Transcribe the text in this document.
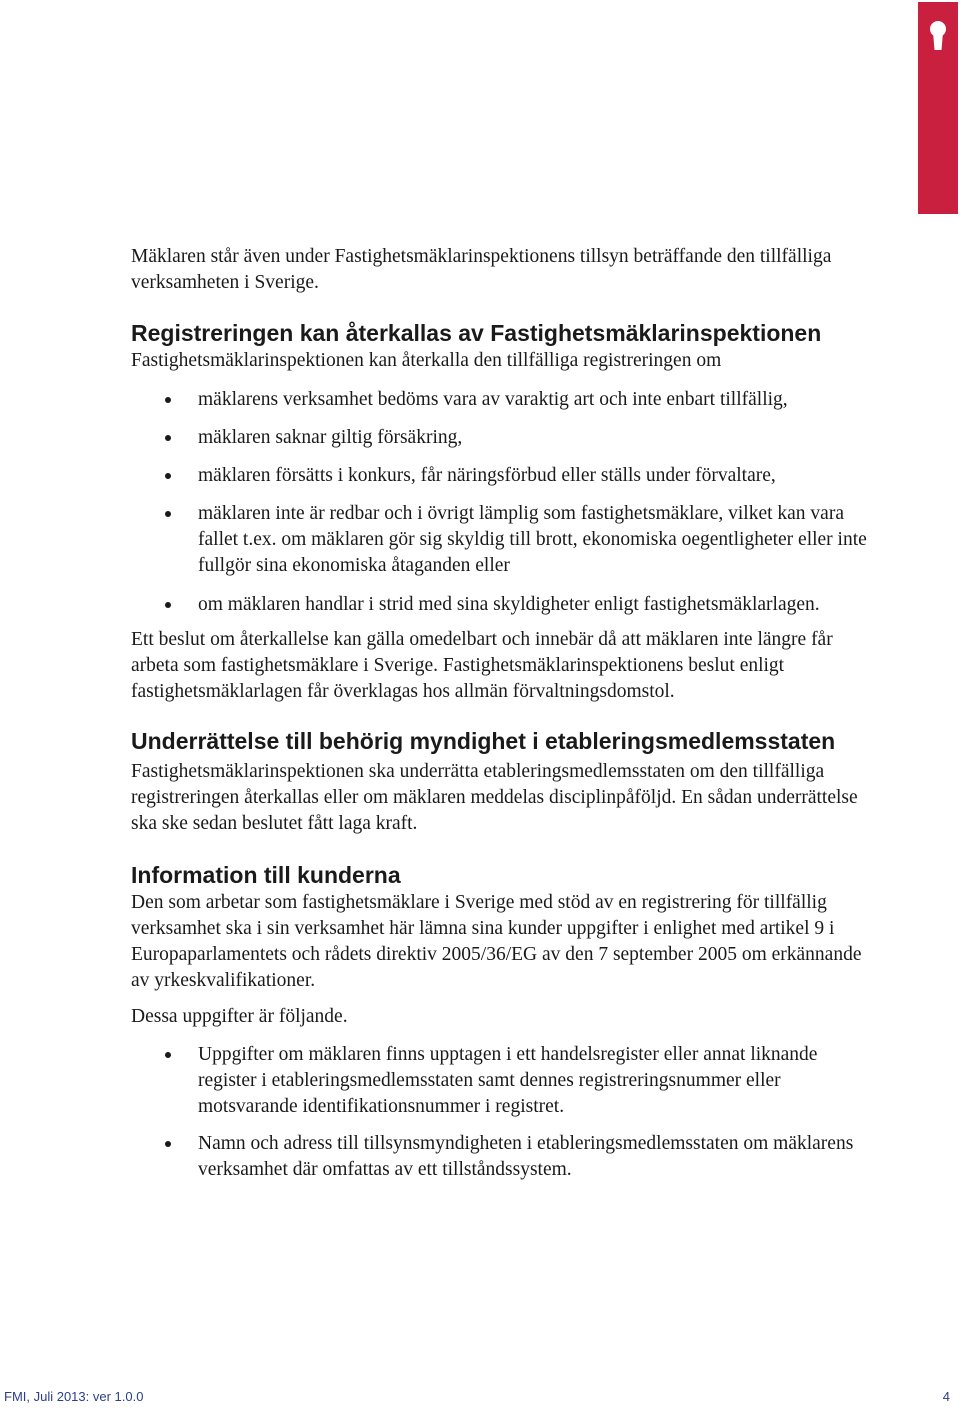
Mäklaren står även under Fastighetsmäklarinspektionens tillsyn beträffande den tillfälliga verksamheten i Sverige.

Registreringen kan återkallas av Fastighetsmäklarinspektionen

Fastighetsmäklarinspektionen kan återkalla den tillfälliga registreringen om

mäklarens verksamhet bedöms vara av varaktig art och inte enbart tillfällig,
mäklaren saknar giltig försäkring,
mäklaren försätts i konkurs, får näringsförbud eller ställs under förvaltare,
mäklaren inte är redbar och i övrigt lämplig som fastighetsmäklare, vilket kan vara fallet t.ex. om mäklaren gör sig skyldig till brott, ekonomiska oegentligheter eller inte fullgör sina ekonomiska åtaganden eller
om mäklaren handlar i strid med sina skyldigheter enligt fastighetsmäklarlagen.

Ett beslut om återkallelse kan gälla omedelbart och innebär då att mäklaren inte längre får arbeta som fastighetsmäklare i Sverige. Fastighetsmäklarinspektionens beslut enligt fastighetsmäklarlagen får överklagas hos allmän förvaltningsdomstol.

Underrättelse till behörig myndighet i etableringsmedlemsstaten

Fastighetsmäklarinspektionen ska underrätta etableringsmedlemsstaten om den tillfälliga registreringen återkallas eller om mäklaren meddelas disciplinpåföljd. En sådan underrättelse ska ske sedan beslutet fått laga kraft.

Information till kunderna

Den som arbetar som fastighetsmäklare i Sverige med stöd av en registrering för tillfällig verksamhet ska i sin verksamhet här lämna sina kunder uppgifter i enlighet med artikel 9 i Europaparlamentets och rådets direktiv 2005/36/EG av den 7 september 2005 om erkännande av yrkeskvalifikationer.

Dessa uppgifter är följande.

Uppgifter om mäklaren finns upptagen i ett handelsregister eller annat liknande register i etableringsmedlemsstaten samt dennes registreringsnummer eller motsvarande identifikationsnummer i registret.
Namn och adress till tillsynsmyndigheten i etableringsmedlemsstaten om mäklarens verksamhet där omfattas av ett tillståndssystem.
FMI, Juli 2013: ver 1.0.0	4
